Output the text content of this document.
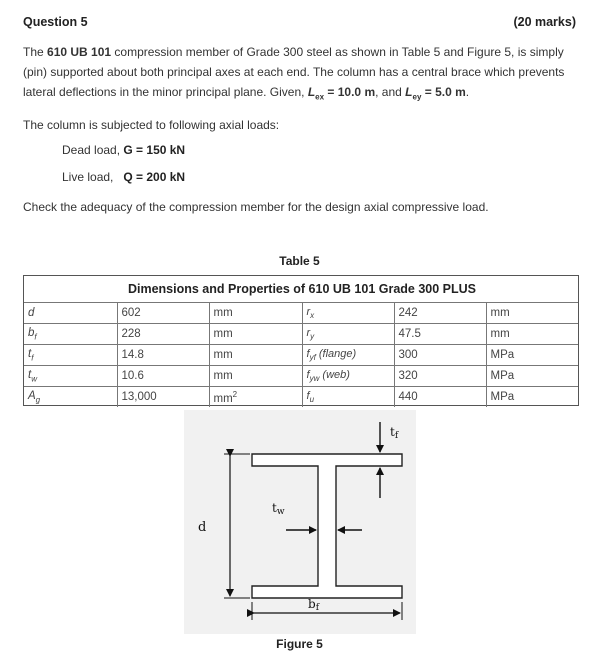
Question 5	(20 marks)
The 610 UB 101 compression member of Grade 300 steel as shown in Table 5 and Figure 5, is simply (pin) supported about both principal axes at each end. The column has a central brace which prevents lateral deflections in the minor principal plane. Given, $L_{ex} = 10.0$ m, and $L_{ey} = 5.0$ m.
The column is subjected to following axial loads:
Dead load, G = 150 kN
Live load,   Q = 200 kN
Check the adequacy of the compression member for the design axial compressive load.
Table 5
Dimensions and Properties of 610 UB 101 Grade 300 PLUS
d	602	mm	$r_x$	242	mm
$b_f$	228	mm	$r_y$	47.5	mm
$t_f$	14.8	mm	$f_{yf}$ (flange)	300	MPa
$t_w$	10.6	mm	$f_{yw}$ (web)	320	MPa
$A_g$	13,000	$mm^2$	$f_u$	440	MPa
tf
tw
d
bf
Figure 5
